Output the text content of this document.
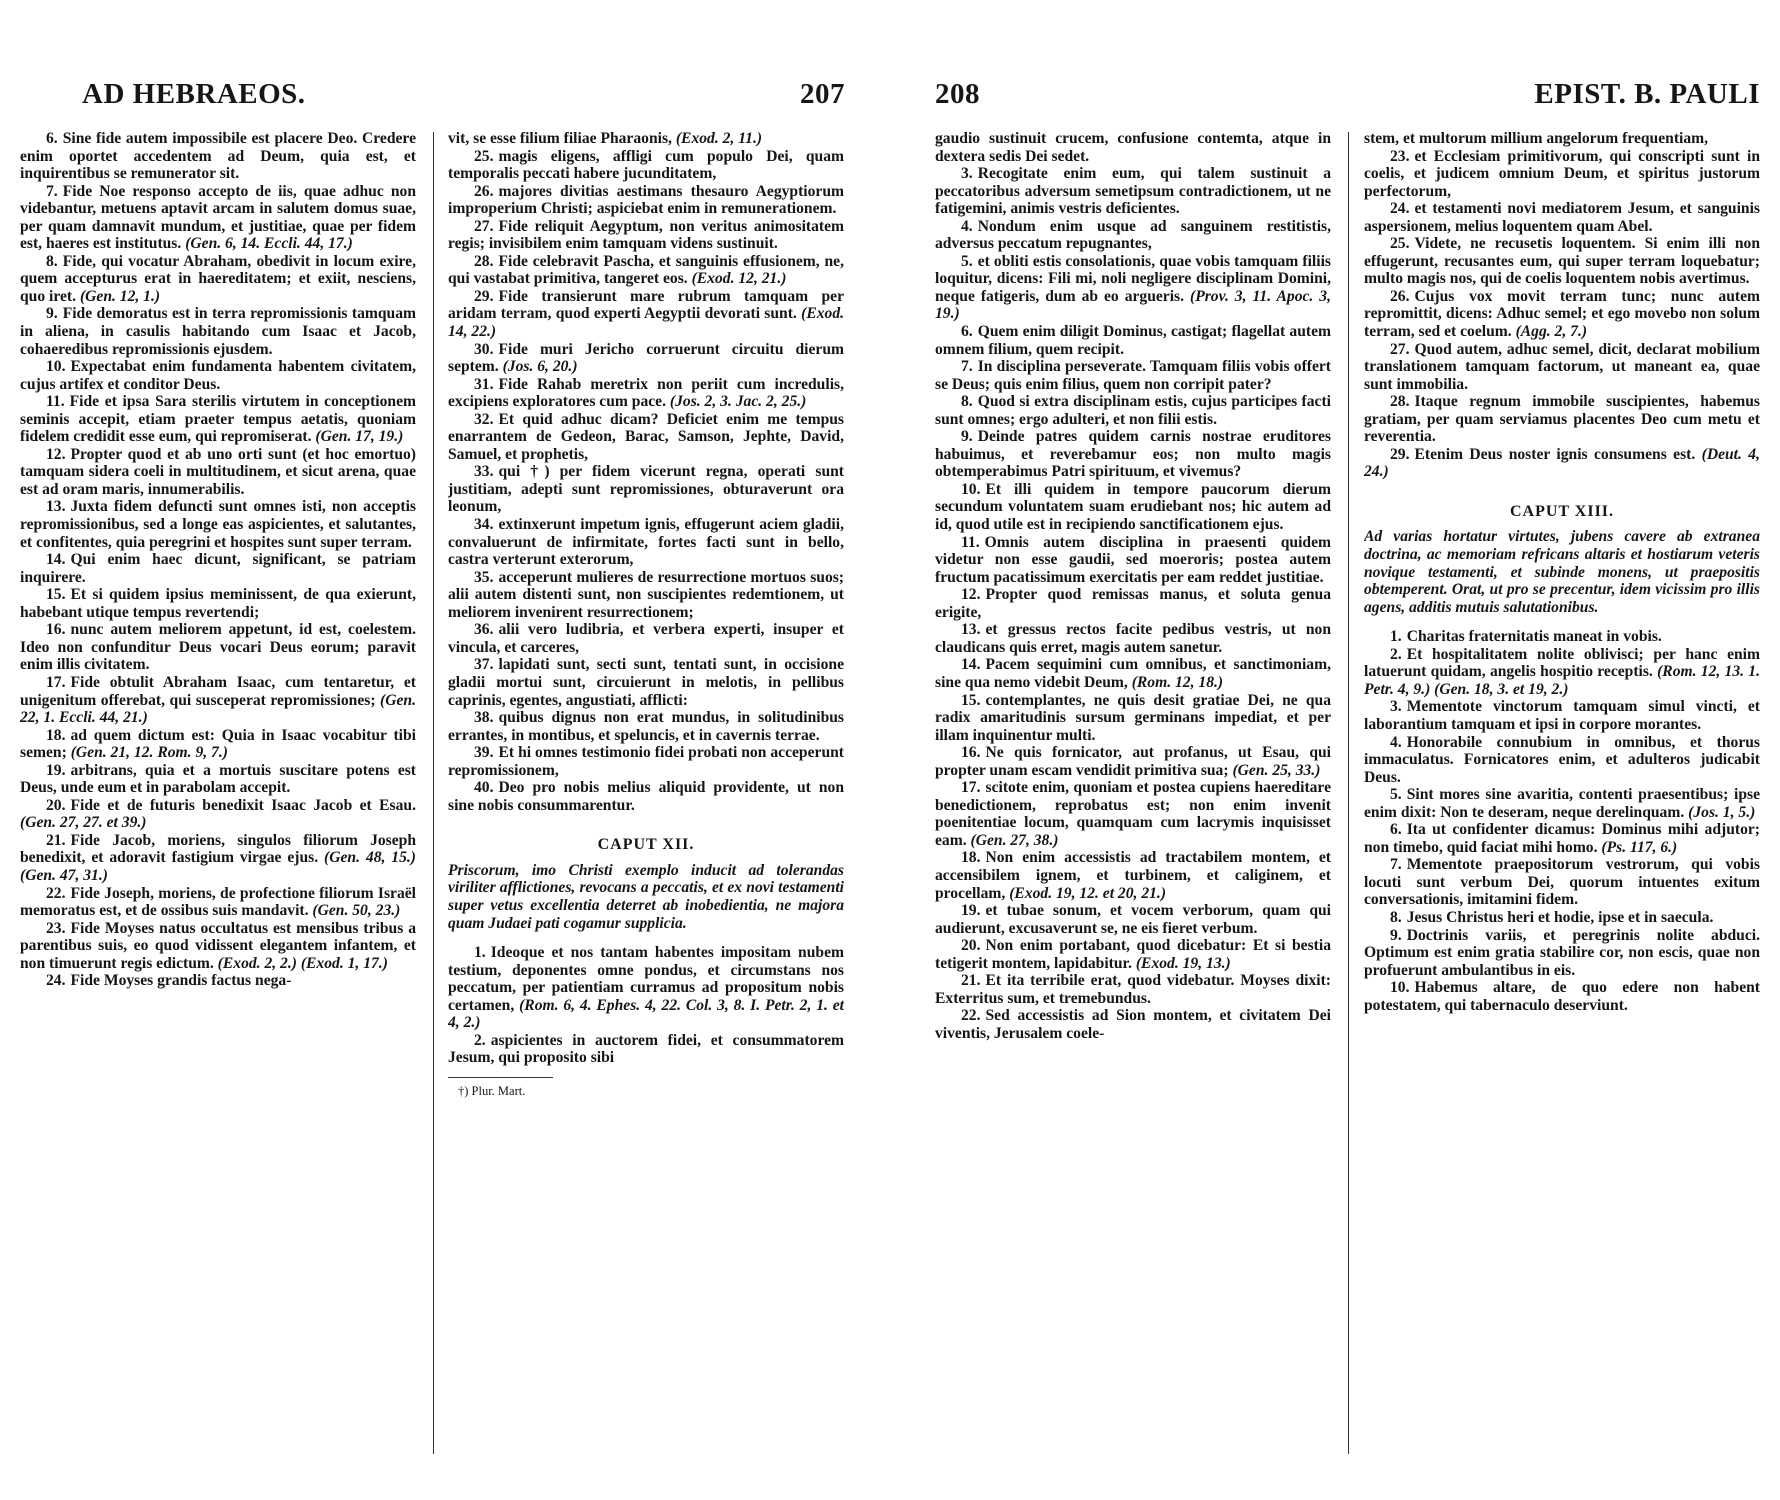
AD HEBRAEOS.	207

6. Sine fide autem impossibile est placere Deo. Credere enim oportet accedentem ad Deum, quia est, et inquirentibus se remunerator sit.

7. Fide Noe responso accepto de iis, quae adhuc non videbantur, metuens aptavit arcam in salutem domus suae, per quam damnavit mundum, et justitiae, quae per fidem est, haeres est institutus. (Gen. 6, 14. Eccli. 44, 17.)

8. Fide, qui vocatur Abraham, obedivit in locum exire, quem accepturus erat in haereditatem; et exiit, nesciens, quo iret. (Gen. 12, 1.)

9. Fide demoratus est in terra repromissionis tamquam in aliena, in casulis habitando cum Isaac et Jacob, cohaeredibus repromissionis ejusdem.

10. Expectabat enim fundamenta habentem civitatem, cujus artifex et conditor Deus.

11. Fide et ipsa Sara sterilis virtutem in conceptionem seminis accepit, etiam praeter tempus aetatis, quoniam fidelem credidit esse eum, qui repromiserat. (Gen. 17, 19.)

12. Propter quod et ab uno orti sunt (et hoc emortuo) tamquam sidera coeli in multitudinem, et sicut arena, quae est ad oram maris, innumerabilis.

13. Juxta fidem defuncti sunt omnes isti, non acceptis repromissionibus, sed a longe eas aspicientes, et salutantes, et confitentes, quia peregrini et hospites sunt super terram.

14. Qui enim haec dicunt, significant, se patriam inquirere.

15. Et si quidem ipsius meminissent, de qua exierunt, habebant utique tempus revertendi;

16. nunc autem meliorem appetunt, id est, coelestem. Ideo non confunditur Deus vocari Deus eorum; paravit enim illis civitatem.

17. Fide obtulit Abraham Isaac, cum tentaretur, et unigenitum offerebat, qui susceperat repromissiones; (Gen. 22, 1. Eccli. 44, 21.)

18. ad quem dictum est: Quia in Isaac vocabitur tibi semen; (Gen. 21, 12. Rom. 9, 7.)

19. arbitrans, quia et a mortuis suscitare potens est Deus, unde eum et in parabolam accepit.

20. Fide et de futuris benedixit Isaac Jacob et Esau. (Gen. 27, 27. et 39.)

21. Fide Jacob, moriens, singulos filiorum Joseph benedixit, et adoravit fastigium virgae ejus. (Gen. 48, 15.) (Gen. 47, 31.)

22. Fide Joseph, moriens, de profectione filiorum Israël memoratus est, et de ossibus suis mandavit. (Gen. 50, 23.)

23. Fide Moyses natus occultatus est mensibus tribus a parentibus suis, eo quod vidissent elegantem infantem, et non timuerunt regis edictum. (Exod. 2, 2.) (Exod. 1, 17.)

24. Fide Moyses grandis factus nega-

vit, se esse filium filiae Pharaonis, (Exod. 2, 11.)

25. magis eligens, affligi cum populo Dei, quam temporalis peccati habere jucunditatem,

26. majores divitias aestimans thesauro Aegyptiorum improperium Christi; aspiciebat enim in remunerationem.

27. Fide reliquit Aegyptum, non veritus animositatem regis; invisibilem enim tamquam videns sustinuit.

28. Fide celebravit Pascha, et sanguinis effusionem, ne, qui vastabat primitiva, tangeret eos. (Exod. 12, 21.)

29. Fide transierunt mare rubrum tamquam per aridam terram, quod experti Aegyptii devorati sunt. (Exod. 14, 22.)

30. Fide muri Jericho corruerunt circuitu dierum septem. (Jos. 6, 20.)

31. Fide Rahab meretrix non periit cum incredulis, excipiens exploratores cum pace. (Jos. 2, 3. Jac. 2, 25.)

32. Et quid adhuc dicam? Deficiet enim me tempus enarrantem de Gedeon, Barac, Samson, Jephte, David, Samuel, et prophetis,

33. qui †) per fidem vicerunt regna, operati sunt justitiam, adepti sunt repromissiones, obturaverunt ora leonum,

34. extinxerunt impetum ignis, effugerunt aciem gladii, convaluerunt de infirmitate, fortes facti sunt in bello, castra verterunt exterorum,

35. acceperunt mulieres de resurrectione mortuos suos; alii autem distenti sunt, non suscipientes redemtionem, ut meliorem invenirent resurrectionem;

36. alii vero ludibria, et verbera experti, insuper et vincula, et carceres,

37. lapidati sunt, secti sunt, tentati sunt, in occisione gladii mortui sunt, circuierunt in melotis, in pellibus caprinis, egentes, angustiati, afflicti:

38. quibus dignus non erat mundus, in solitudinibus errantes, in montibus, et speluncis, et in cavernis terrae.

39. Et hi omnes testimonio fidei probati non acceperunt repromissionem,

40. Deo pro nobis melius aliquid providente, ut non sine nobis consummarentur.

CAPUT XII.

Priscorum, imo Christi exemplo inducit ad tolerandas viriliter afflictiones, revocans a peccatis, et ex novi testamenti super vetus excellentia deterret ab inobedientia, ne majora quam Judaei pati cogamur supplicia.

1. Ideoque et nos tantam habentes impositam nubem testium, deponentes omne pondus, et circumstans nos peccatum, per patientiam curramus ad propositum nobis certamen, (Rom. 6, 4. Ephes. 4, 22. Col. 3, 8. I. Petr. 2, 1. et 4, 2.)

2. aspicientes in auctorem fidei, et consummatorem Jesum, qui proposito sibi

†) Plur. Mart.
208	EPIST. B. PAULI

gaudio sustinuit crucem, confusione contemta, atque in dextera sedis Dei sedet.

3. Recogitate enim eum, qui talem sustinuit a peccatoribus adversum semetipsum contradictionem, ut ne fatigemini, animis vestris deficientes.

4. Nondum enim usque ad sanguinem restitistis, adversus peccatum repugnantes,

5. et obliti estis consolationis, quae vobis tamquam filiis loquitur, dicens: Fili mi, noli negligere disciplinam Domini, neque fatigeris, dum ab eo argueris. (Prov. 3, 11. Apoc. 3, 19.)

6. Quem enim diligit Dominus, castigat; flagellat autem omnem filium, quem recipit.

7. In disciplina perseverate. Tamquam filiis vobis offert se Deus; quis enim filius, quem non corripit pater?

8. Quod si extra disciplinam estis, cujus participes facti sunt omnes; ergo adulteri, et non filii estis.

9. Deinde patres quidem carnis nostrae eruditores habuimus, et reverebamur eos; non multo magis obtemperabimus Patri spirituum, et vivemus?

10. Et illi quidem in tempore paucorum dierum secundum voluntatem suam erudiebant nos; hic autem ad id, quod utile est in recipiendo sanctificationem ejus.

11. Omnis autem disciplina in praesenti quidem videtur non esse gaudii, sed moeroris; postea autem fructum pacatissimum exercitatis per eam reddet justitiae.

12. Propter quod remissas manus, et soluta genua erigite,

13. et gressus rectos facite pedibus vestris, ut non claudicans quis erret, magis autem sanetur.

14. Pacem sequimini cum omnibus, et sanctimoniam, sine qua nemo videbit Deum, (Rom. 12, 18.)

15. contemplantes, ne quis desit gratiae Dei, ne qua radix amaritudinis sursum germinans impediat, et per illam inquinentur multi.

16. Ne quis fornicator, aut profanus, ut Esau, qui propter unam escam vendidit primitiva sua; (Gen. 25, 33.)

17. scitote enim, quoniam et postea cupiens haereditare benedictionem, reprobatus est; non enim invenit poenitentiae locum, quamquam cum lacrymis inquisisset eam. (Gen. 27, 38.)

18. Non enim accessistis ad tractabilem montem, et accensibilem ignem, et turbinem, et caliginem, et procellam, (Exod. 19, 12. et 20, 21.)

19. et tubae sonum, et vocem verborum, quam qui audierunt, excusaverunt se, ne eis fieret verbum.

20. Non enim portabant, quod dicebatur: Et si bestia tetigerit montem, lapidabitur. (Exod. 19, 13.)

21. Et ita terribile erat, quod videbatur. Moyses dixit: Exterritus sum, et tremebundus.

22. Sed accessistis ad Sion montem, et civitatem Dei viventis, Jerusalem coele-

stem, et multorum millium angelorum frequentiam,

23. et Ecclesiam primitivorum, qui conscripti sunt in coelis, et judicem omnium Deum, et spiritus justorum perfectorum,

24. et testamenti novi mediatorem Jesum, et sanguinis aspersionem, melius loquentem quam Abel.

25. Videte, ne recusetis loquentem. Si enim illi non effugerunt, recusantes eum, qui super terram loquebatur; multo magis nos, qui de coelis loquentem nobis avertimus.

26. Cujus vox movit terram tunc; nunc autem repromittit, dicens: Adhuc semel; et ego movebo non solum terram, sed et coelum. (Agg. 2, 7.)

27. Quod autem, adhuc semel, dicit, declarat mobilium translationem tamquam factorum, ut maneant ea, quae sunt immobilia.

28. Itaque regnum immobile suscipientes, habemus gratiam, per quam serviamus placentes Deo cum metu et reverentia.

29. Etenim Deus noster ignis consumens est. (Deut. 4, 24.)

CAPUT XIII.

Ad varias hortatur virtutes, jubens cavere ab extranea doctrina, ac memoriam refricans altaris et hostiarum veteris novique testamenti, et subinde monens, ut praepositis obtemperent. Orat, ut pro se precentur, idem vicissim pro illis agens, additis mutuis salutationibus.

1. Charitas fraternitatis maneat in vobis.

2. Et hospitalitatem nolite oblivisci; per hanc enim latuerunt quidam, angelis hospitio receptis. (Rom. 12, 13. 1. Petr. 4, 9.) (Gen. 18, 3. et 19, 2.)

3. Mementote vinctorum tamquam simul vincti, et laborantium tamquam et ipsi in corpore morantes.

4. Honorabile connubium in omnibus, et thorus immaculatus. Fornicatores enim, et adulteros judicabit Deus.

5. Sint mores sine avaritia, contenti praesentibus; ipse enim dixit: Non te deseram, neque derelinquam. (Jos. 1, 5.)

6. Ita ut confidenter dicamus: Dominus mihi adjutor; non timebo, quid faciat mihi homo. (Ps. 117, 6.)

7. Mementote praepositorum vestrorum, qui vobis locuti sunt verbum Dei, quorum intuentes exitum conversationis, imitamini fidem.

8. Jesus Christus heri et hodie, ipse et in saecula.

9. Doctrinis variis, et peregrinis nolite abduci. Optimum est enim gratia stabilire cor, non escis, quae non profuerunt ambulantibus in eis.

10. Habemus altare, de quo edere non habent potestatem, qui tabernaculo deserviunt.
